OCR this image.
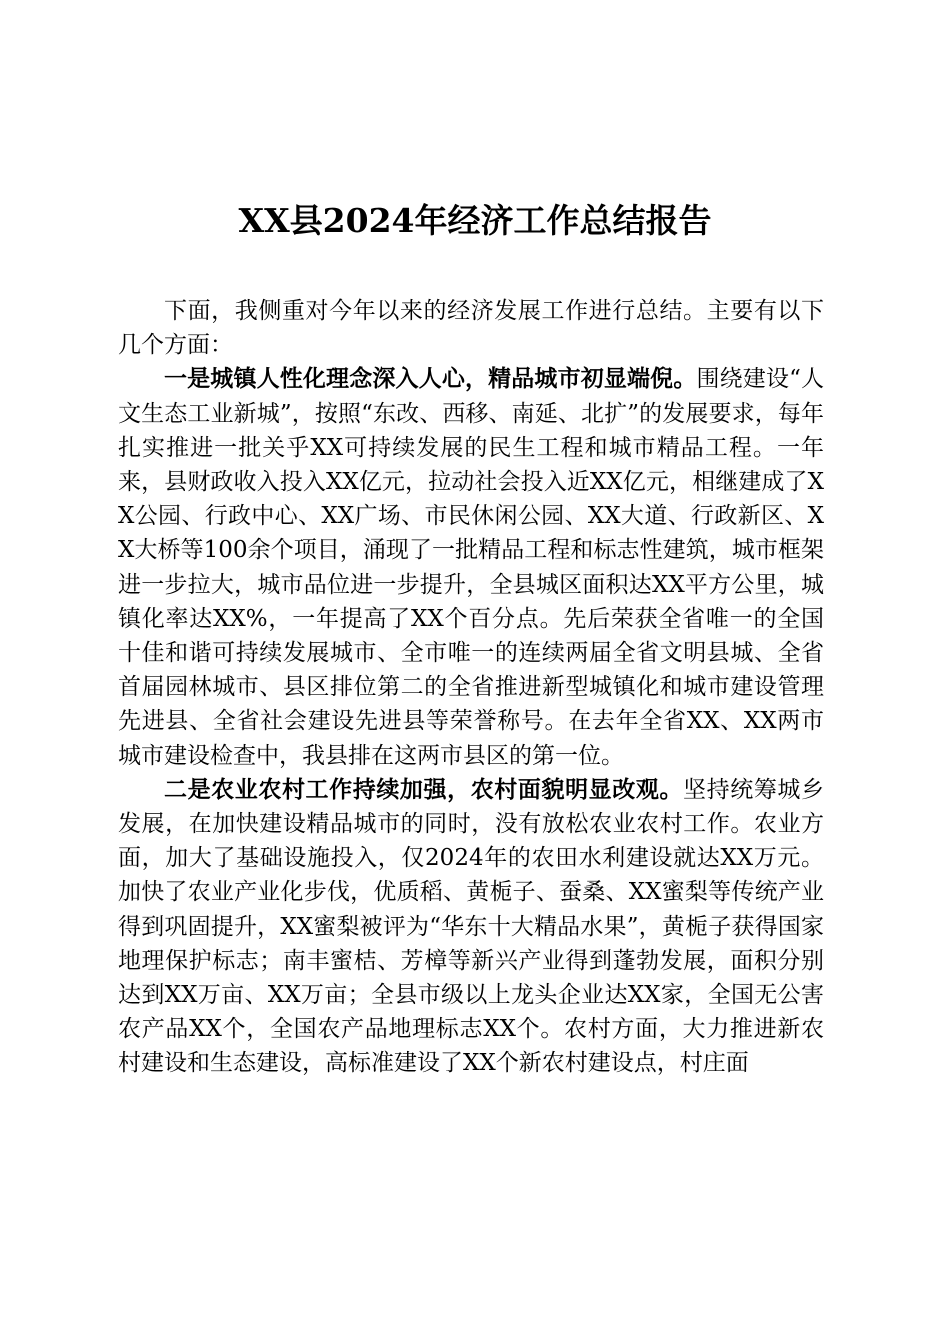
XX县2024年经济工作总结报告

下面，我侧重对今年以来的经济发展工作进行总结。主要有以下几个方面：

一是城镇人性化理念深入人心，精品城市初显端倪。围绕建设“人文生态工业新城”，按照“东改、西移、南延、北扩”的发展要求，每年扎实推进一批关乎XX可持续发展的民生工程和城市精品工程。一年来，县财政收入投入XX亿元，拉动社会投入近XX亿元，相继建成了XX公园、行政中心、XX广场、市民休闲公园、XX大道、行政新区、XX大桥等100余个项目，涌现了一批精品工程和标志性建筑，城市框架进一步拉大，城市品位进一步提升，全县城区面积达XX平方公里，城镇化率达XX%，一年提高了XX个百分点。先后荣获全省唯一的全国十佳和谐可持续发展城市、全市唯一的连续两届全省文明县城、全省首届园林城市、县区排位第二的全省推进新型城镇化和城市建设管理先进县、全省社会建设先进县等荣誉称号。在去年全省XX、XX两市城市建设检查中，我县排在这两市县区的第一位。

二是农业农村工作持续加强，农村面貌明显改观。坚持统筹城乡发展，在加快建设精品城市的同时，没有放松农业农村工作。农业方面，加大了基础设施投入，仅2024年的农田水利建设就达XX万元。加快了农业产业化步伐，优质稻、黄栀子、蚕桑、XX蜜梨等传统产业得到巩固提升，XX蜜梨被评为“华东十大精品水果”，黄栀子获得国家地理保护标志；南丰蜜桔、芳樟等新兴产业得到蓬勃发展，面积分别达到XX万亩、XX万亩；全县市级以上龙头企业达XX家，全国无公害农产品XX个，全国农产品地理标志XX个。农村方面，大力推进新农村建设和生态建设，高标准建设了XX个新农村建设点，村庄面
